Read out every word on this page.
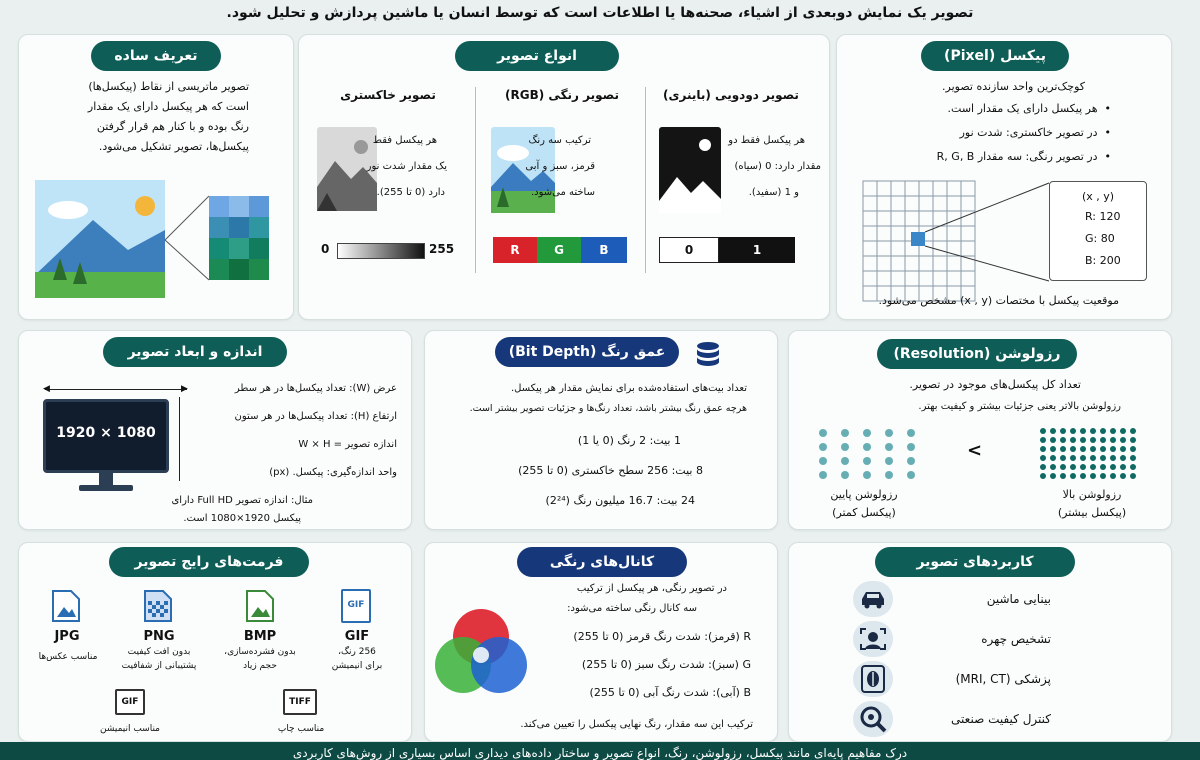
تصویر یک نمایش دوبعدی از اشیاء، صحنه‌ها یا اطلاعات است که توسط انسان یا ماشین پردازش و تحلیل شود.
تعریف ساده
تصویر ماتریسی از نقاط (پیکسل‌ها)
است که هر پیکسل دارای یک مقدار
رنگ بوده و با کنار هم قرار گرفتن
پیکسل‌ها، تصویر تشکیل می‌شود.
انواع تصویر
تصویر خاکستری
هر پیکسل فقط
یک مقدار شدت نور
دارد (0 تا 255).
0	255
تصویر رنگی (RGB)
ترکیب سه رنگ
قرمز، سبز و آبی
ساخته می‌شود.
R	G	B
تصویر دودویی (باینری)
هر پیکسل فقط دو
مقدار دارد: 0 (سیاه)
و 1 (سفید).
0	1
پیکسل (Pixel)
کوچک‌ترین واحد سازنده تصویر.
•  هر پیکسل دارای یک مقدار است.
•  در تصویر خاکستری: شدت نور
•  در تصویر رنگی: سه مقدار R, G, B
(x , y)
R: 120
G: 80
B: 200
موقعیت پیکسل با مختصات (x , y) مشخص می‌شود.
اندازه و ابعاد تصویر
◀	▶
1920 × 1080
عرض (W): تعداد پیکسل‌ها در هر سطر
ارتفاع (H): تعداد پیکسل‌ها در هر ستون
اندازه تصویر = W × H
واحد اندازه‌گیری: پیکسل. (px)
مثال: اندازه تصویر Full HD دارای
پیکسل 1920×1080 است.
عمق رنگ (Bit Depth)
تعداد بیت‌های استفاده‌شده برای نمایش مقدار هر پیکسل.
هرچه عمق رنگ بیشتر باشد، تعداد رنگ‌ها و جزئیات تصویر بیشتر است.
1 بیت: 2 رنگ (0 یا 1)
8 بیت: 256 سطح خاکستری (0 تا 255)
24 بیت: 16.7 میلیون رنگ (2²⁴)
رزولوشن (Resolution)
تعداد کل پیکسل‌های موجود در تصویر.
رزولوشن بالاتر یعنی جزئیات بیشتر و کیفیت بهتر.
<
رزولوشن پایین
(پیکسل کمتر)
رزولوشن بالا
(پیکسل بیشتر)
فرمت‌های رایج تصویر
JPG
مناسب عکس‌ها
PNG
بدون افت کیفیت
پشتیبانی از شفافیت
BMP
بدون فشرده‌سازی،
حجم زیاد
GIF
GIF
256 رنگ،
برای انیمیشن
GIF
مناسب انیمیشن
TIFF
مناسب چاپ
کانال‌های رنگی
در تصویر رنگی، هر پیکسل از ترکیب
سه کانال رنگی ساخته می‌شود:
R (قرمز): شدت رنگ قرمز (0 تا 255)
G (سبز): شدت رنگ سبز (0 تا 255)
B (آبی): شدت رنگ آبی (0 تا 255)
ترکیب این سه مقدار، رنگ نهایی پیکسل را تعیین می‌کند.
کاربردهای تصویر
بینایی ماشین
تشخیص چهره
پزشکی (MRI, CT)
کنترل کیفیت صنعتی
درک مفاهیم پایه‌ای مانند پیکسل، رزولوشن، رنگ، انواع تصویر و ساختار داده‌های دیداری اساس بسیاری از روش‌های کاربردی
